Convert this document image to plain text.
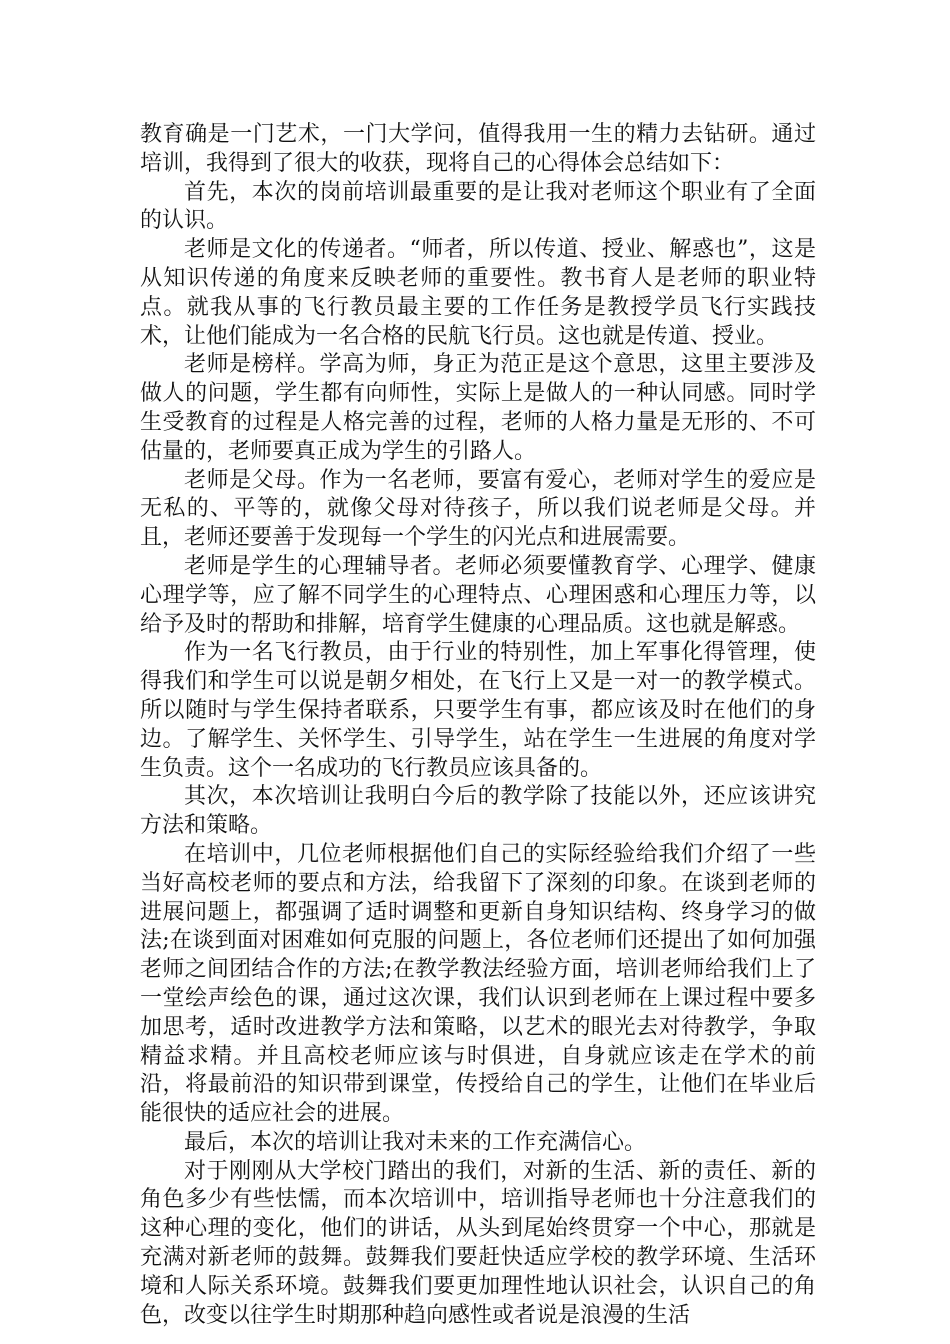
教育确是一门艺术，一门大学问，值得我用一生的精力去钻研。通过培训，我得到了很大的收获，现将自己的心得体会总结如下：

首先，本次的岗前培训最重要的是让我对老师这个职业有了全面的认识。

老师是文化的传递者。“师者，所以传道、授业、解惑也”，这是从知识传递的角度来反映老师的重要性。教书育人是老师的职业特点。就我从事的飞行教员最主要的工作任务是教授学员飞行实践技术，让他们能成为一名合格的民航飞行员。这也就是传道、授业。

老师是榜样。学高为师，身正为范正是这个意思，这里主要涉及做人的问题，学生都有向师性，实际上是做人的一种认同感。同时学生受教育的过程是人格完善的过程，老师的人格力量是无形的、不可估量的，老师要真正成为学生的引路人。

老师是父母。作为一名老师，要富有爱心，老师对学生的爱应是无私的、平等的，就像父母对待孩子，所以我们说老师是父母。并且，老师还要善于发现每一个学生的闪光点和进展需要。

老师是学生的心理辅导者。老师必须要懂教育学、心理学、健康心理学等，应了解不同学生的心理特点、心理困惑和心理压力等，以给予及时的帮助和排解，培育学生健康的心理品质。这也就是解惑。

作为一名飞行教员，由于行业的特别性，加上军事化得管理，使得我们和学生可以说是朝夕相处，在飞行上又是一对一的教学模式。所以随时与学生保持者联系，只要学生有事，都应该及时在他们的身边。了解学生、关怀学生、引导学生，站在学生一生进展的角度对学生负责。这个一名成功的飞行教员应该具备的。

其次，本次培训让我明白今后的教学除了技能以外，还应该讲究方法和策略。

在培训中，几位老师根据他们自己的实际经验给我们介绍了一些当好高校老师的要点和方法，给我留下了深刻的印象。在谈到老师的进展问题上，都强调了适时调整和更新自身知识结构、终身学习的做法;在谈到面对困难如何克服的问题上，各位老师们还提出了如何加强老师之间团结合作的方法;在教学教法经验方面，培训老师给我们上了一堂绘声绘色的课，通过这次课，我们认识到老师在上课过程中要多加思考，适时改进教学方法和策略，以艺术的眼光去对待教学，争取精益求精。并且高校老师应该与时俱进，自身就应该走在学术的前沿，将最前沿的知识带到课堂，传授给自己的学生，让他们在毕业后能很快的适应社会的进展。

最后，本次的培训让我对未来的工作充满信心。

对于刚刚从大学校门踏出的我们，对新的生活、新的责任、新的角色多少有些怯懦，而本次培训中，培训指导老师也十分注意我们的这种心理的变化，他们的讲话，从头到尾始终贯穿一个中心，那就是充满对新老师的鼓舞。鼓舞我们要赶快适应学校的教学环境、生活环境和人际关系环境。鼓舞我们要更加理性地认识社会，认识自己的角色，改变以往学生时期那种趋向感性或者说是浪漫的生活
